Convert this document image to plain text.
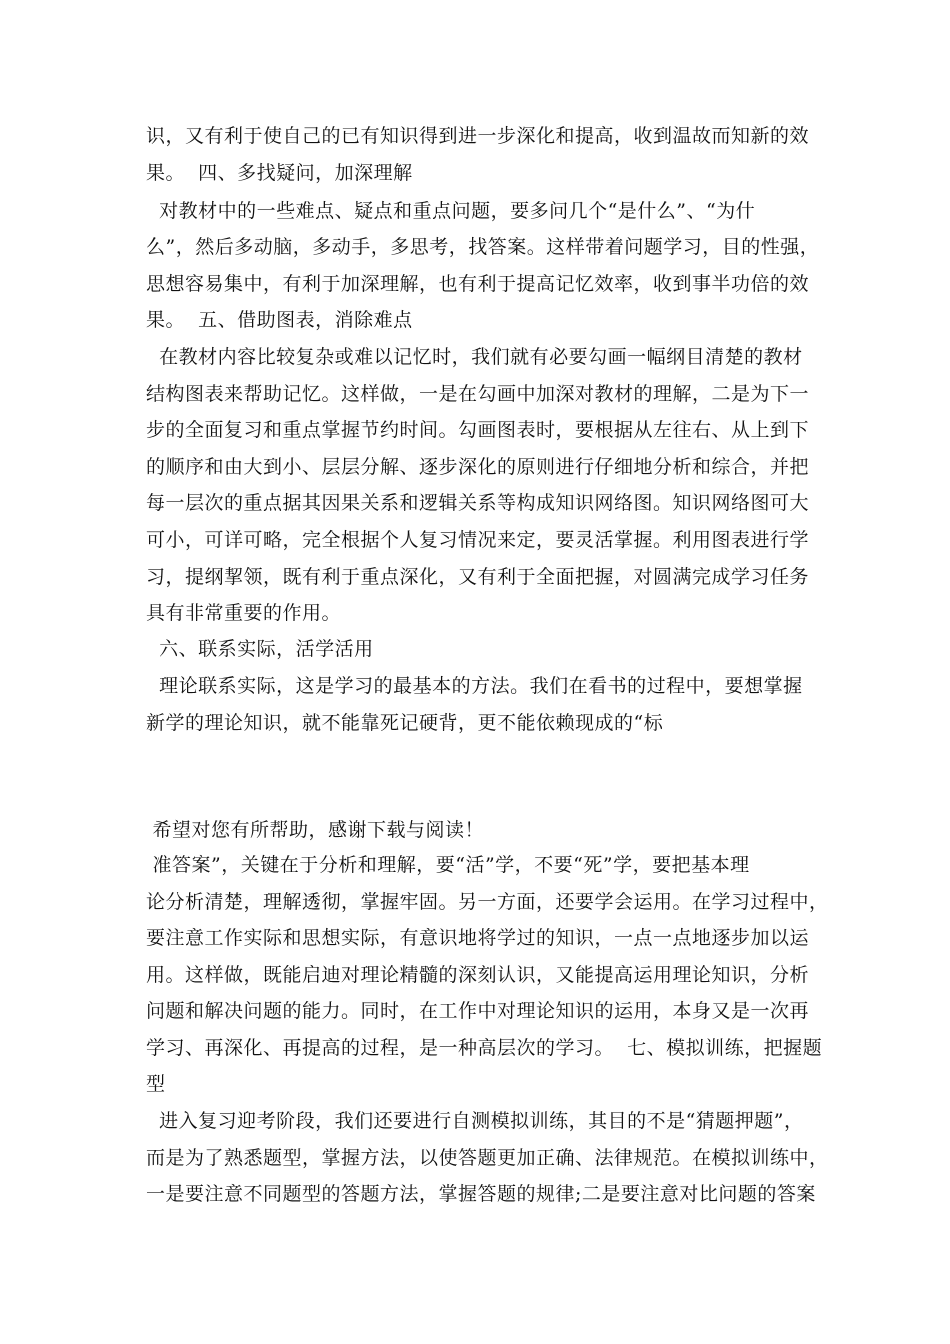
识，又有利于使自己的已有知识得到进一步深化和提高，收到温故而知新的效
果。  四、多找疑问，加深理解
对教材中的一些难点、疑点和重点问题，要多问几个“是什么”、“为什
么”，然后多动脑，多动手，多思考，找答案。这样带着问题学习，目的性强，
思想容易集中，有利于加深理解，也有利于提高记忆效率，收到事半功倍的效
果。  五、借助图表，消除难点
在教材内容比较复杂或难以记忆时，我们就有必要勾画一幅纲目清楚的教材
结构图表来帮助记忆。这样做，一是在勾画中加深对教材的理解，二是为下一
步的全面复习和重点掌握节约时间。勾画图表时，要根据从左往右、从上到下
的顺序和由大到小、层层分解、逐步深化的原则进行仔细地分析和综合，并把
每一层次的重点据其因果关系和逻辑关系等构成知识网络图。知识网络图可大
可小，可详可略，完全根据个人复习情况来定，要灵活掌握。利用图表进行学
习，提纲挈领，既有利于重点深化，又有利于全面把握，对圆满完成学习任务
具有非常重要的作用。
六、联系实际，活学活用
理论联系实际，这是学习的最基本的方法。我们在看书的过程中，要想掌握
新学的理论知识，就不能靠死记硬背，更不能依赖现成的“标
希望对您有所帮助，感谢下载与阅读！
准答案”，关键在于分析和理解，要“活”学，不要“死”学，要把基本理
论分析清楚，理解透彻，掌握牢固。另一方面，还要学会运用。在学习过程中，
要注意工作实际和思想实际，有意识地将学过的知识，一点一点地逐步加以运
用。这样做，既能启迪对理论精髓的深刻认识，又能提高运用理论知识，分析
问题和解决问题的能力。同时，在工作中对理论知识的运用，本身又是一次再
学习、再深化、再提高的过程，是一种高层次的学习。  七、模拟训练，把握题
型
进入复习迎考阶段，我们还要进行自测模拟训练，其目的不是“猜题押题”，
而是为了熟悉题型，掌握方法，以使答题更加正确、法律规范。在模拟训练中，
一是要注意不同题型的答题方法，掌握答题的规律;二是要注意对比问题的答案
